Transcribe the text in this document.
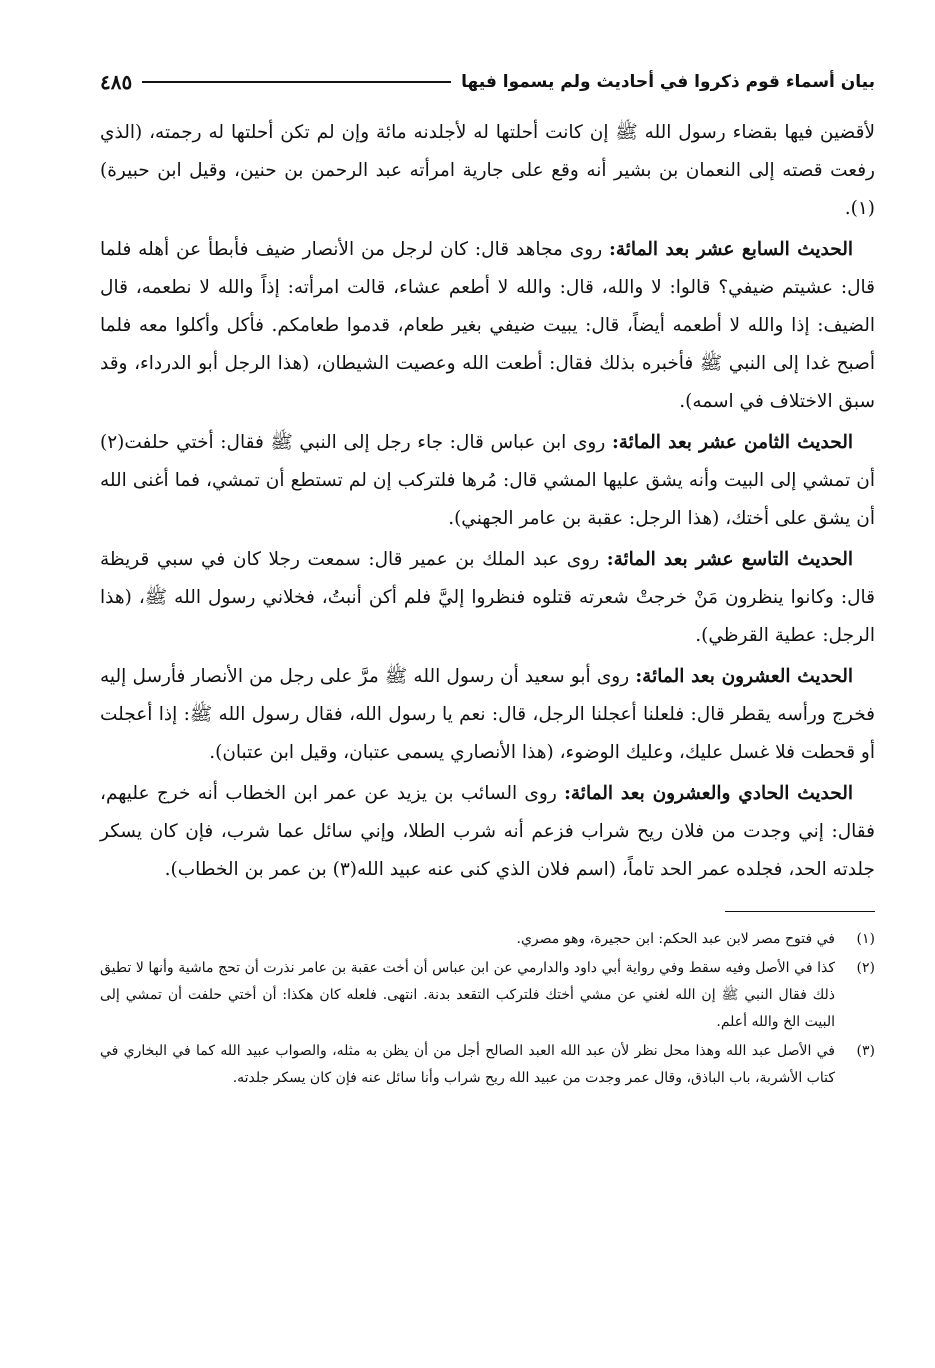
بيان أسماء قوم ذكروا في أحاديث ولم يسموا فيها
٤٨٥

لأقضين فيها بقضاء رسول الله ﷺ إن كانت أحلتها له لأجلدنه مائة وإن لم تكن أحلتها له رجمته، (الذي رفعت قصته إلى النعمان بن بشير أنه وقع على جارية امرأته عبد الرحمن بن حنين، وقيل ابن حبيرة)(١).

الحديث السابع عشر بعد المائة: روى مجاهد قال: كان لرجل من الأنصار ضيف فأبطأ عن أهله فلما قال: عشيتم ضيفي؟ قالوا: لا والله، قال: والله لا أطعم عشاء، قالت امرأته: إذاً والله لا نطعمه، قال الضيف: إذا والله لا أطعمه أيضاً، قال: يبيت ضيفي بغير طعام، قدموا طعامكم. فأكل وأكلوا معه فلما أصبح غدا إلى النبي ﷺ فأخبره بذلك فقال: أطعت الله وعصيت الشيطان، (هذا الرجل أبو الدرداء، وقد سبق الاختلاف في اسمه).

الحديث الثامن عشر بعد المائة: روى ابن عباس قال: جاء رجل إلى النبي ﷺ فقال: أختي حلفت(٢) أن تمشي إلى البيت وأنه يشق عليها المشي قال: مُرها فلتركب إن لم تستطع أن تمشي، فما أغنى الله أن يشق على أختك، (هذا الرجل: عقبة بن عامر الجهني).

الحديث التاسع عشر بعد المائة: روى عبد الملك بن عمير قال: سمعت رجلا كان في سبي قريظة قال: وكانوا ينظرون مَنْ خرجتْ شعرته قتلوه فنظروا إليَّ فلم أكن أنبتُ، فخلاني رسول الله ﷺ، (هذا الرجل: عطية القرظي).

الحديث العشرون بعد المائة: روى أبو سعيد أن رسول الله ﷺ مرَّ على رجل من الأنصار فأرسل إليه فخرج ورأسه يقطر قال: فلعلنا أعجلنا الرجل، قال: نعم يا رسول الله، فقال رسول الله ﷺ: إذا أعجلت أو قحطت فلا غسل عليك، وعليك الوضوء، (هذا الأنصاري يسمى عتبان، وقيل ابن عتبان).

الحديث الحادي والعشرون بعد المائة: روى السائب بن يزيد عن عمر ابن الخطاب أنه خرج عليهم، فقال: إني وجدت من فلان ريح شراب فزعم أنه شرب الطلا، وإني سائل عما شرب، فإن كان يسكر جلدته الحد، فجلده عمر الحد تاماً، (اسم فلان الذي كنى عنه عبيد الله(٣) بن عمر بن الخطاب).

(١)
في فتوح مصر لابن عبد الحكم: ابن حجيرة، وهو مصري.
(٢)
كذا في الأصل وفيه سقط وفي رواية أبي داود والدارمي عن ابن عباس أن أخت عقبة بن عامر نذرت أن تحج ماشية وأنها لا تطيق ذلك فقال النبي ﷺ إن الله لغني عن مشي أختك فلتركب التقعد بدنة. انتهى. فلعله كان هكذا: أن أختي حلفت أن تمشي إلى البيت الخ والله أعلم.
(٣)
في الأصل عبد الله وهذا محل نظر لأن عبد الله العبد الصالح أجل من أن يظن به مثله، والصواب عبيد الله كما في البخاري في كتاب الأشربة، باب الباذق، وقال عمر وجدت من عبيد الله ريح شراب وأنا سائل عنه فإن كان يسكر جلدته.
